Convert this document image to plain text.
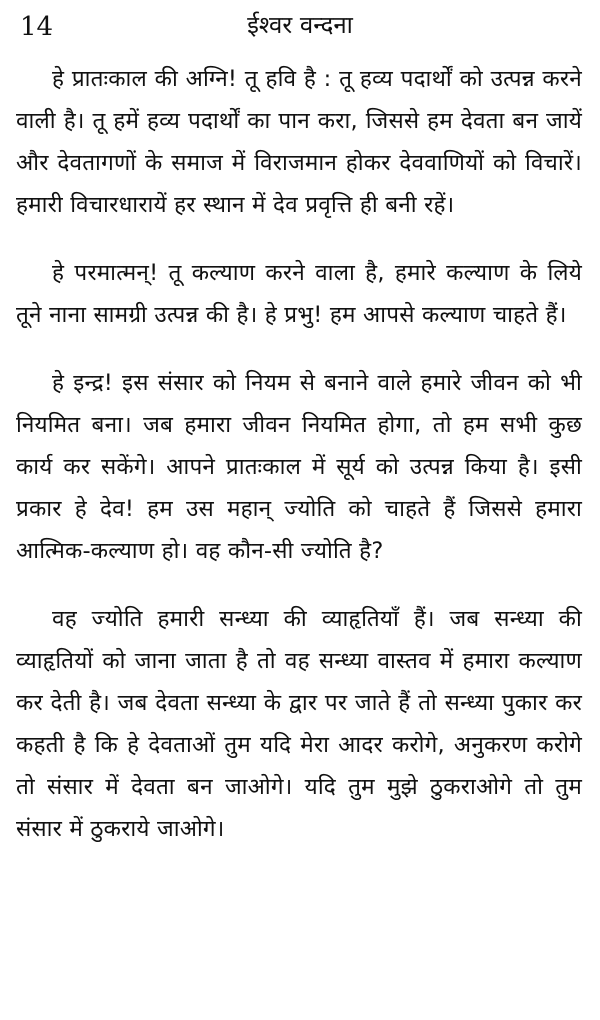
14	ईश्वर वन्दना

हे प्रातःकाल की अग्नि! तू हवि है : तू हव्य पदार्थों को उत्पन्न करने वाली है। तू हमें हव्य पदार्थों का पान करा, जिससे हम देवता बन जायें और देवतागणों के समाज में विराजमान होकर देववाणियों को विचारें। हमारी विचारधारायें हर स्थान में देव प्रवृत्ति ही बनी रहें।

हे परमात्मन्! तू कल्याण करने वाला है, हमारे कल्याण के लिये तूने नाना सामग्री उत्पन्न की है। हे प्रभु! हम आपसे कल्याण चाहते हैं।

हे इन्द्र! इस संसार को नियम से बनाने वाले हमारे जीवन को भी नियमित बना। जब हमारा जीवन नियमित होगा, तो हम सभी कुछ कार्य कर सकेंगे। आपने प्रातःकाल में सूर्य को उत्पन्न किया है। इसी प्रकार हे देव! हम उस महान् ज्योति को चाहते हैं जिससे हमारा आत्मिक-कल्याण हो। वह कौन-सी ज्योति है?

वह ज्योति हमारी सन्ध्या की व्याहृतियाँ हैं। जब सन्ध्या की व्याहृतियों को जाना जाता है तो वह सन्ध्या वास्तव में हमारा कल्याण कर देती है। जब देवता सन्ध्या के द्वार पर जाते हैं तो सन्ध्या पुकार कर कहती है कि हे देवताओं तुम यदि मेरा आदर करोगे, अनुकरण करोगे तो संसार में देवता बन जाओगे। यदि तुम मुझे ठुकराओगे तो तुम संसार में ठुकराये जाओगे।
